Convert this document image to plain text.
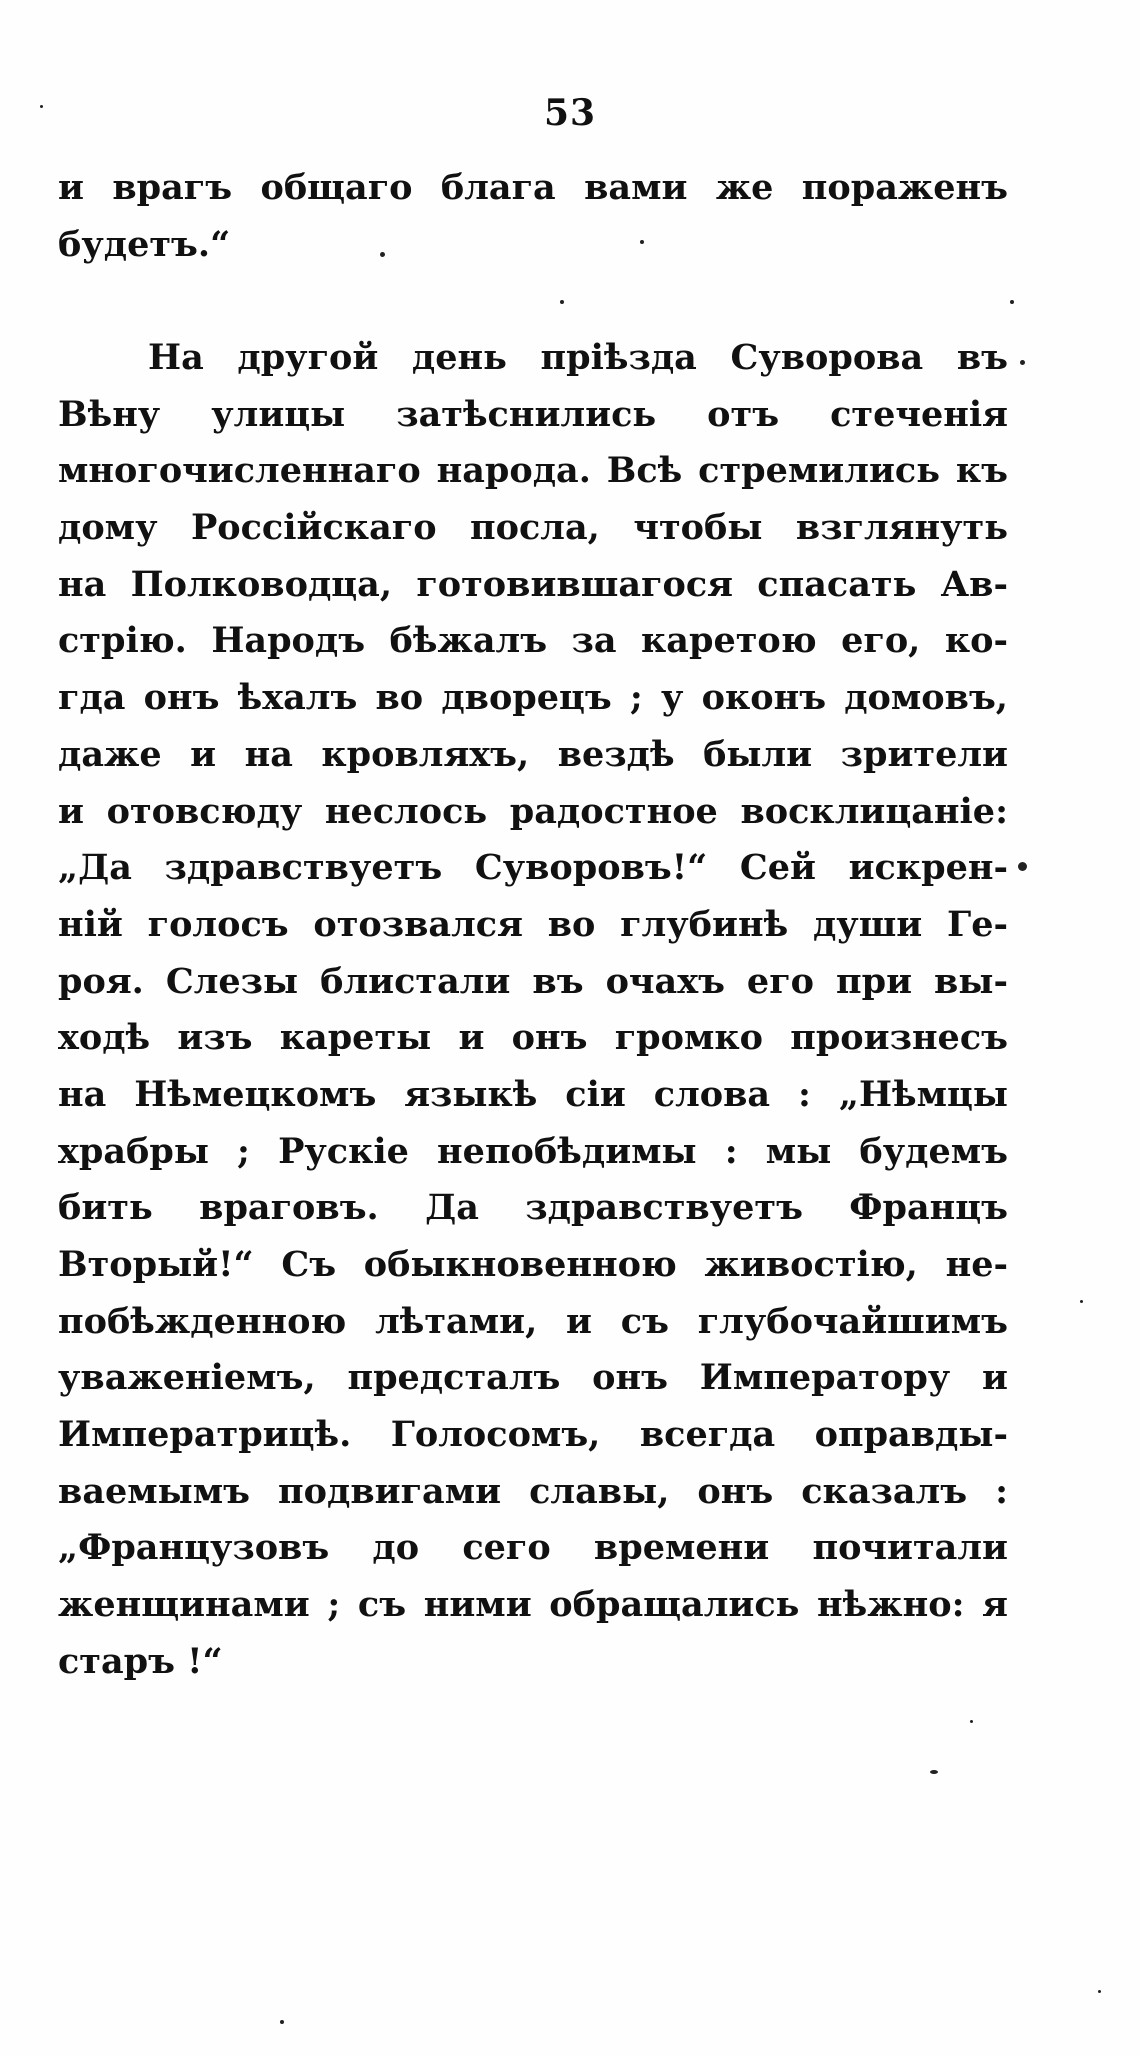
53
и врагъ общаго блага вами же пораженъ
будетъ.“
На другой день прiѣзда Суворова въ
Вѣну улицы затѣснились отъ стеченiя
многочисленнаго народа. Всѣ стремились къ
дому Россiйскаго посла, чтобы взглянуть
на Полководца, готовившагося спасать Ав-
стрiю. Народъ бѣжалъ за каретою его, ко-
гда онъ ѣхалъ во дворецъ ; у оконъ домовъ,
даже и на кровляхъ, вездѣ были зрители
и отовсюду неслось радостное восклицанiе:
„Да здравствуетъ Суворовъ!“ Сей искрен-
нiй голосъ отозвался во глубинѣ души Ге-
роя. Слезы блистали въ очахъ его при вы-
ходѣ изъ кареты и онъ громко произнесъ
на Нѣмецкомъ языкѣ сiи слова : „Нѣмцы
храбры ; Рускiе непобѣдимы : мы будемъ
бить враговъ. Да здравствуетъ Францъ
Вторый!“ Съ обыкновенною живостiю, не-
побѣжденною лѣтами, и съ глубочайшимъ
уваженiемъ, предсталъ онъ Императору и
Императрицѣ. Голосомъ, всегда оправды-
ваемымъ подвигами славы, онъ сказалъ :
„Французовъ до сего времени почитали
женщинами ; съ ними обращались нѣжно: я
старъ !“
